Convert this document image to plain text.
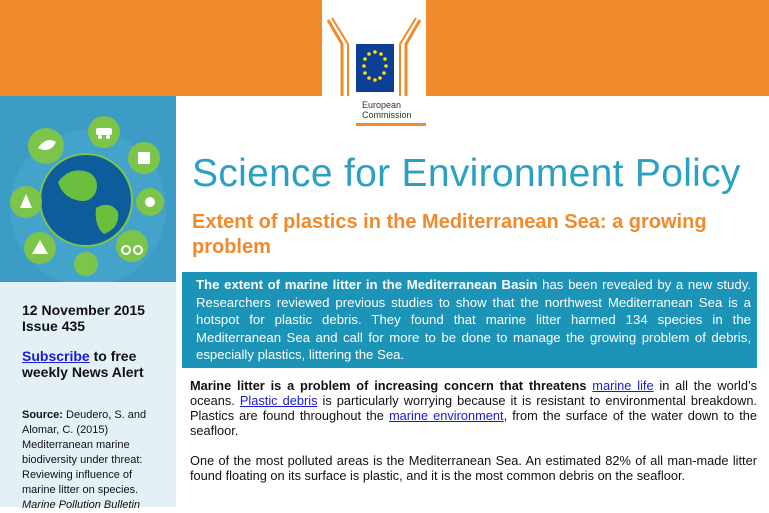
European
Commission
12 November 2015
Issue 435
Subscribe to free weekly News Alert
Source: Deudero, S. and Alomar, C. (2015) Mediterranean marine biodiversity under threat: Reviewing influence of marine litter on species. Marine Pollution Bulletin
Science for Environment Policy
Extent of plastics in the Mediterranean Sea: a growing problem
The extent of marine litter in the Mediterranean Basin has been revealed by a new study. Researchers reviewed previous studies to show that the northwest Mediterranean Sea is a hotspot for plastic debris. They found that marine litter harmed 134 species in the Mediterranean Sea and call for more to be done to manage the growing problem of debris, especially plastics, littering the Sea.

Marine litter is a problem of increasing concern that threatens marine life in all the world’s oceans. Plastic debris is particularly worrying because it is resistant to environmental breakdown. Plastics are found throughout the marine environment, from the surface of the water down to the seafloor.

One of the most polluted areas is the Mediterranean Sea. An estimated 82% of all man-made litter found floating on its surface is plastic, and it is the most common debris on the seafloor.
